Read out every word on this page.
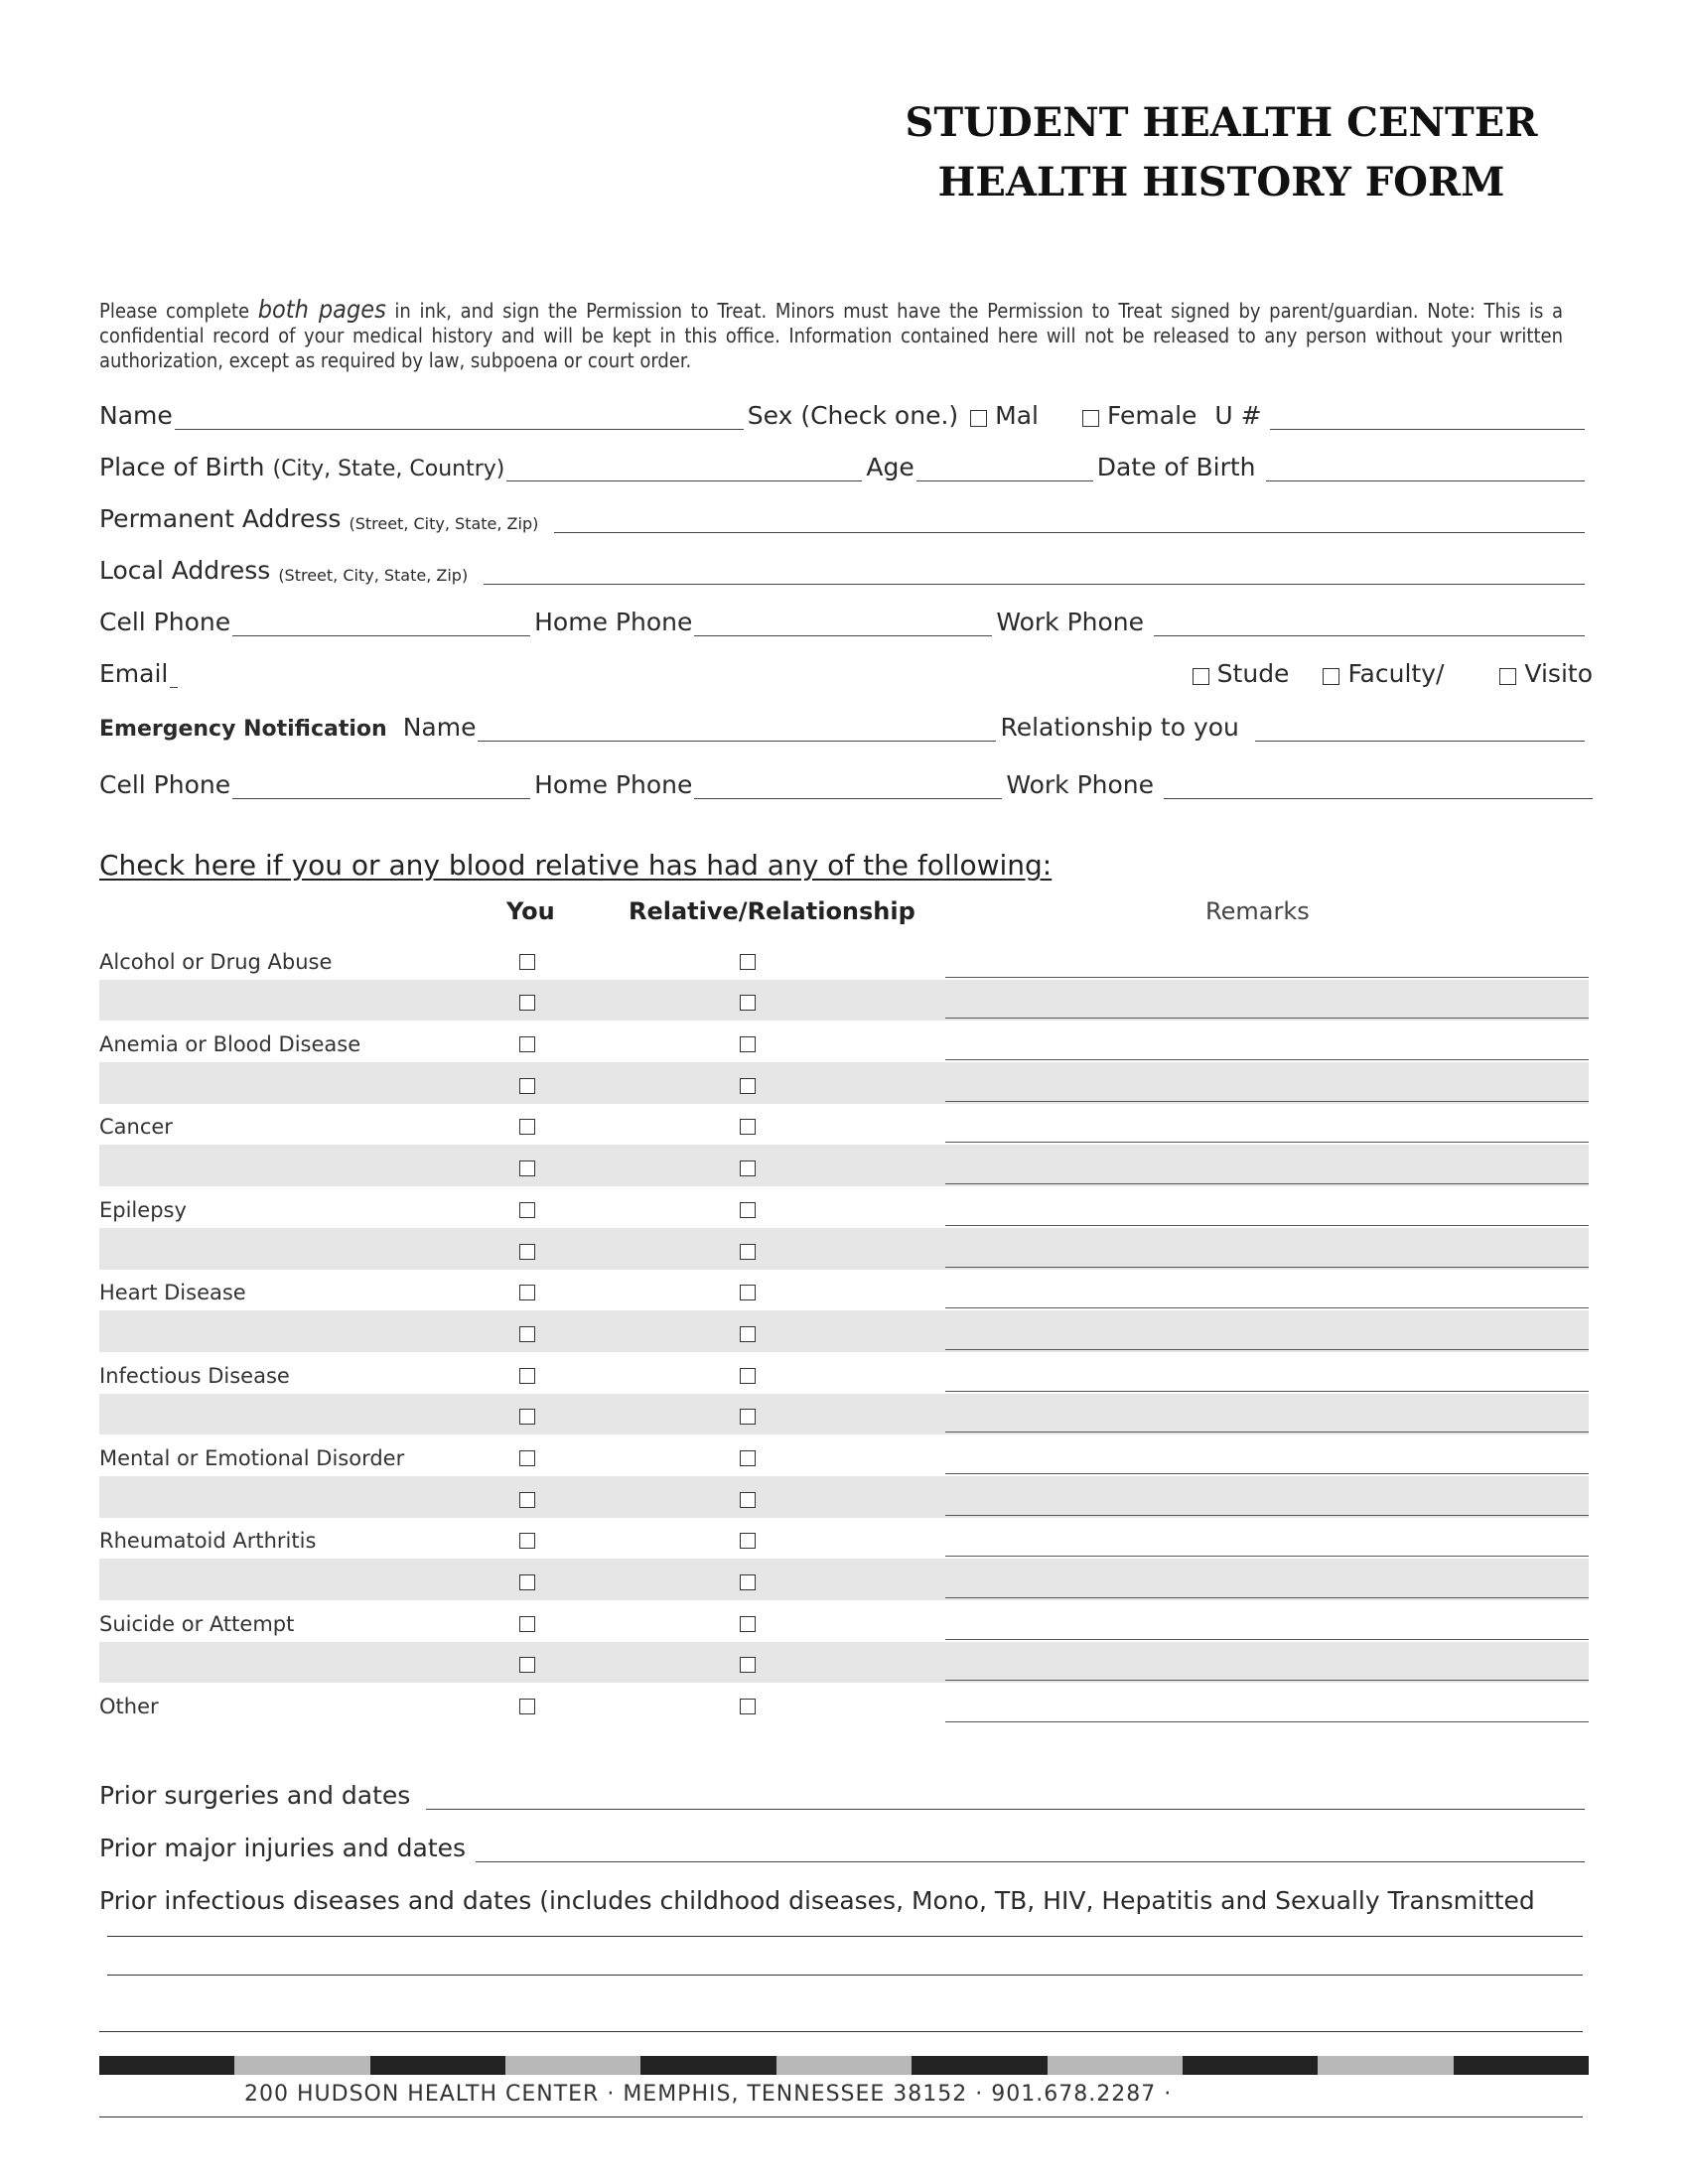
STUDENT HEALTH CENTER
HEALTH HISTORY FORM
Please complete both pages in ink, and sign the Permission to Treat. Minors must have the Permission to Treat signed by parent/guardian. Note: This is a confidential record of your medical history and will be kept in this office. Information contained here will not be released to any person without your written authorization, except as required by law, subpoena or court order.
Name	Sex (Check one.) Mal	Female U #
Place of Birth (City, State, Country)	Age	Date of Birth
Permanent Address (Street, City, State, Zip)
Local Address (Street, City, State, Zip)
Cell Phone	Home Phone	Work Phone
Email	Stude Faculty/	Visito
Emergency Notification Name	Relationship to you
Cell Phone	Home Phone	Work Phone
Check here if you or any blood relative has had any of the following:
You	Relative/Relationship	Remarks
Alcohol or Drug Abuse
Anemia or Blood Disease
Cancer
Epilepsy
Heart Disease
Infectious Disease
Mental or Emotional Disorder
Rheumatoid Arthritis
Suicide or Attempt
Other
Prior surgeries and dates
Prior major injuries and dates
Prior infectious diseases and dates (includes childhood diseases, Mono, TB, HIV, Hepatitis and Sexually Transmitted
200 HUDSON HEALTH CENTER · MEMPHIS, TENNESSEE 38152 · 901.678.2287 ·
